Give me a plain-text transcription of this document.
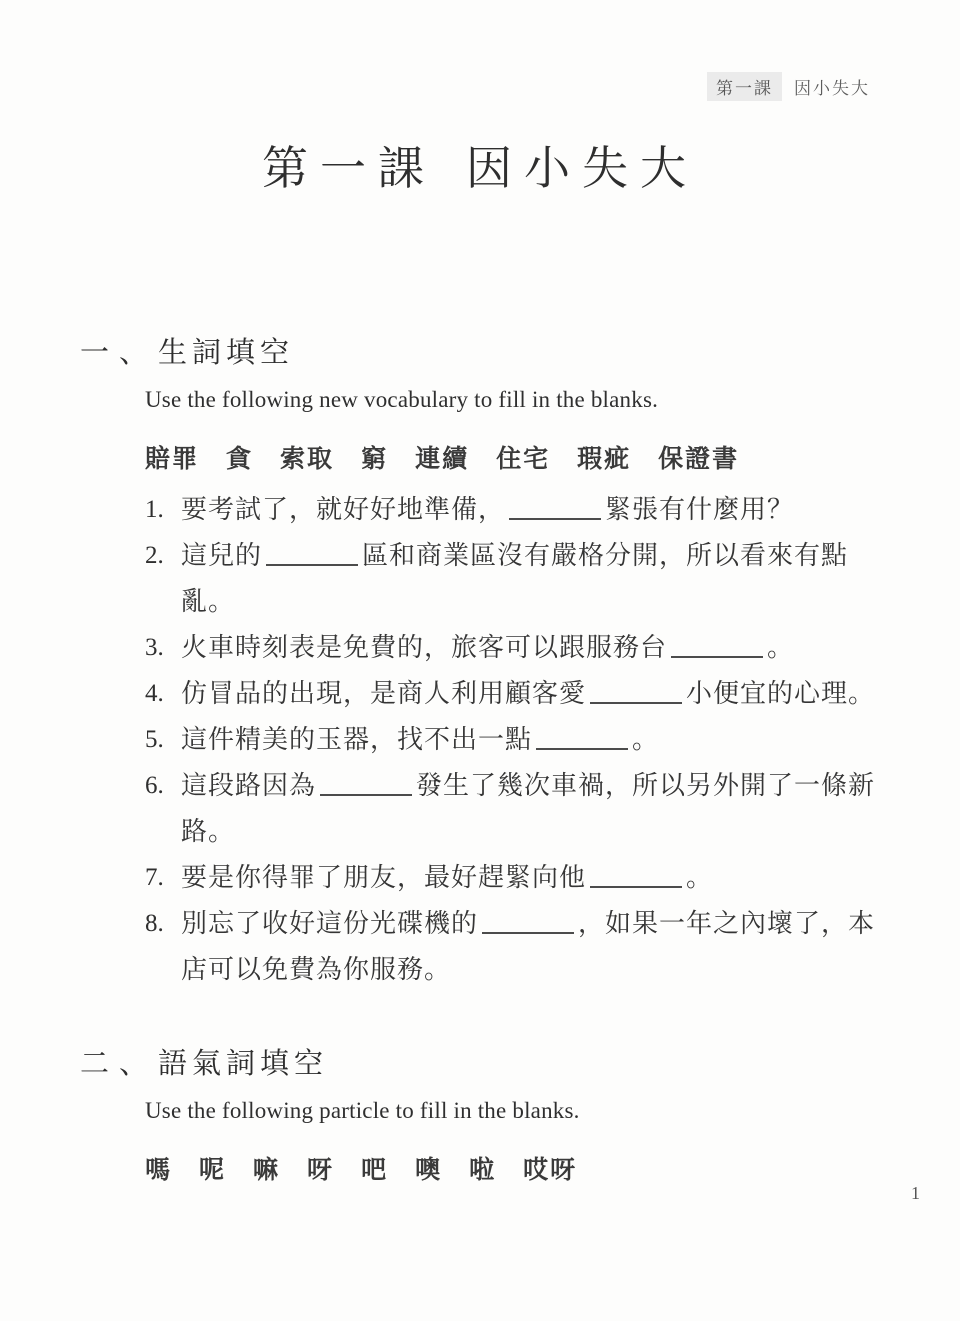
第一課	因小失大
第一課 因小失大
一、生詞填空

Use the following new vocabulary to fill in the blanks.

賠罪 貪 索取 窮 連續 住宅 瑕疵 保證書
1. 要考試了，就好好地準備，	緊張有什麼用？
2. 這兒的	區和商業區沒有嚴格分開，所以看來有點亂。
3. 火車時刻表是免費的，旅客可以跟服務台	。
4. 仿冒品的出現，是商人利用顧客愛	小便宜的心理。
5. 這件精美的玉器，找不出一點	。
6. 這段路因為	發生了幾次車禍，所以另外開了一條新路。
7. 要是你得罪了朋友，最好趕緊向他	。
8. 別忘了收好這份光碟機的	，如果一年之內壞了，本店可以免費為你服務。
二、語氣詞填空

Use the following particle to fill in the blanks.

嗎 呢 嘛 呀 吧 噢 啦 哎呀
1
